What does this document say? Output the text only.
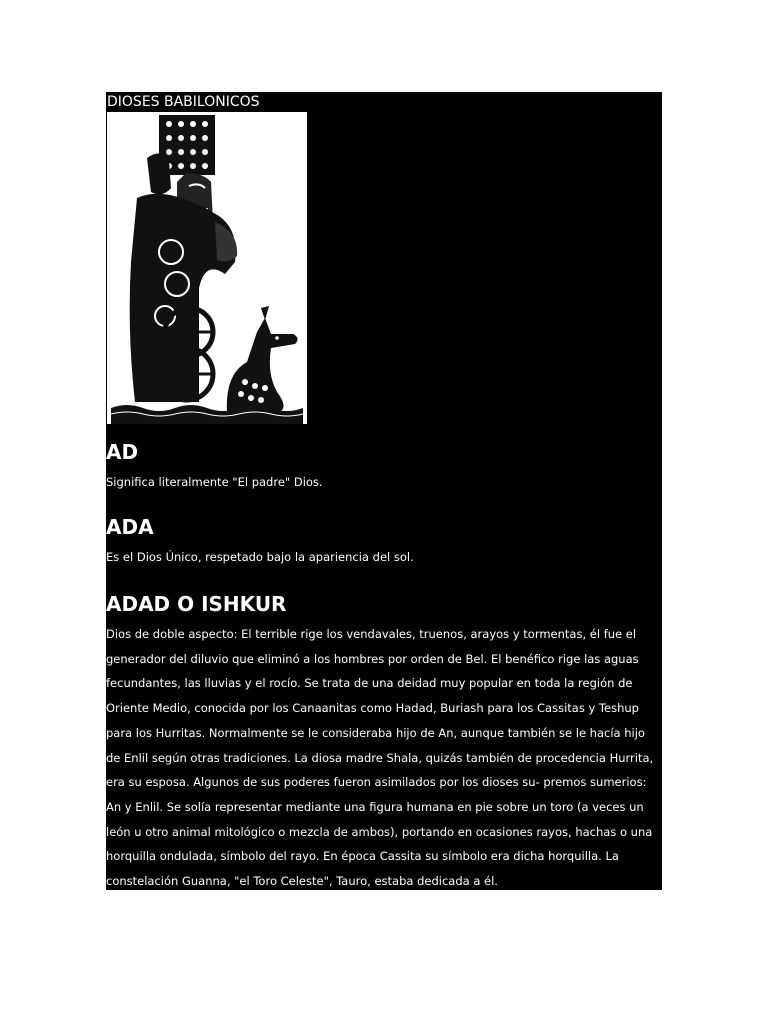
DIOSES BABILONICOS
AD

Significa literalmente "El padre" Dios.

ADA

Es el Dios Único, respetado bajo la apariencia del sol.

ADAD O ISHKUR

Dios de doble aspecto: El terrible rige los vendavales, truenos, arayos y tormentas, él fue el generador del diluvio que eliminó a los hombres por orden de Bel. El benéfico rige las aguas fecundantes, las lluvias y el rocío. Se trata de una deidad muy popular en toda la región de Oriente Medio, conocida por los Canaanitas como Hadad, Buriash para los Cassitas y Teshup para los Hurritas. Normalmente se le consideraba hijo de An, aunque también se le hacía hijo de Enlil según otras tradiciones. La diosa madre Shala, quizás también de procedencia Hurrita, era su esposa. Algunos de sus poderes fueron asimilados por los dioses su- premos sumerios: An y Enlil. Se solía representar mediante una figura humana en pie sobre un toro (a veces un león u otro animal mitológico o mezcla de ambos), portando en ocasiones rayos, hachas o una horquilla ondulada, símbolo del rayo. En época Cassita su símbolo era dicha horquilla. La constelación Guanna, "el Toro Celeste", Tauro, estaba dedicada a él.
